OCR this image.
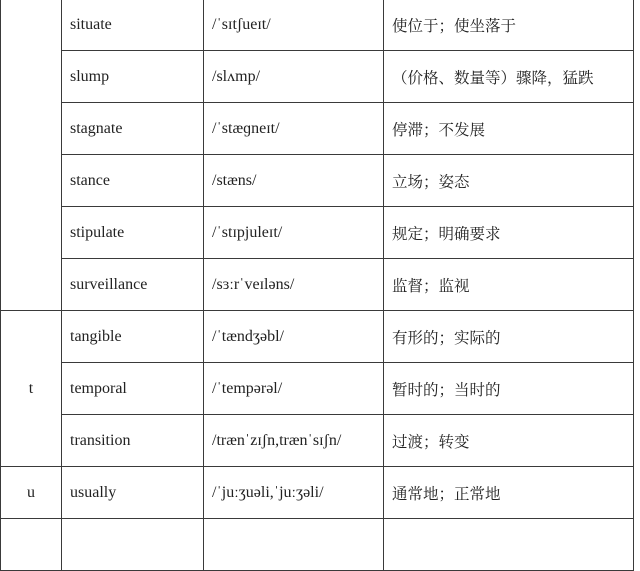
	situate	/ˈsɪtʃueɪt/	使位于；使坐落于
	slump	/slʌmp/	（价格、数量等）骤降，猛跌
	stagnate	/ˈstæɡneɪt/	停滞；不发展
	stance	/stæns/	立场；姿态
	stipulate	/ˈstɪpjuleɪt/	规定；明确要求
	surveillance	/sɜːrˈveɪləns/	监督；监视
t	tangible	/ˈtændʒəbl/	有形的；实际的
	temporal	/ˈtempərəl/	暂时的；当时的
	transition	/trænˈzɪʃn,trænˈsɪʃn/	过渡；转变
u	usually	/ˈjuːʒuəli,ˈjuːʒəli/	通常地；正常地
